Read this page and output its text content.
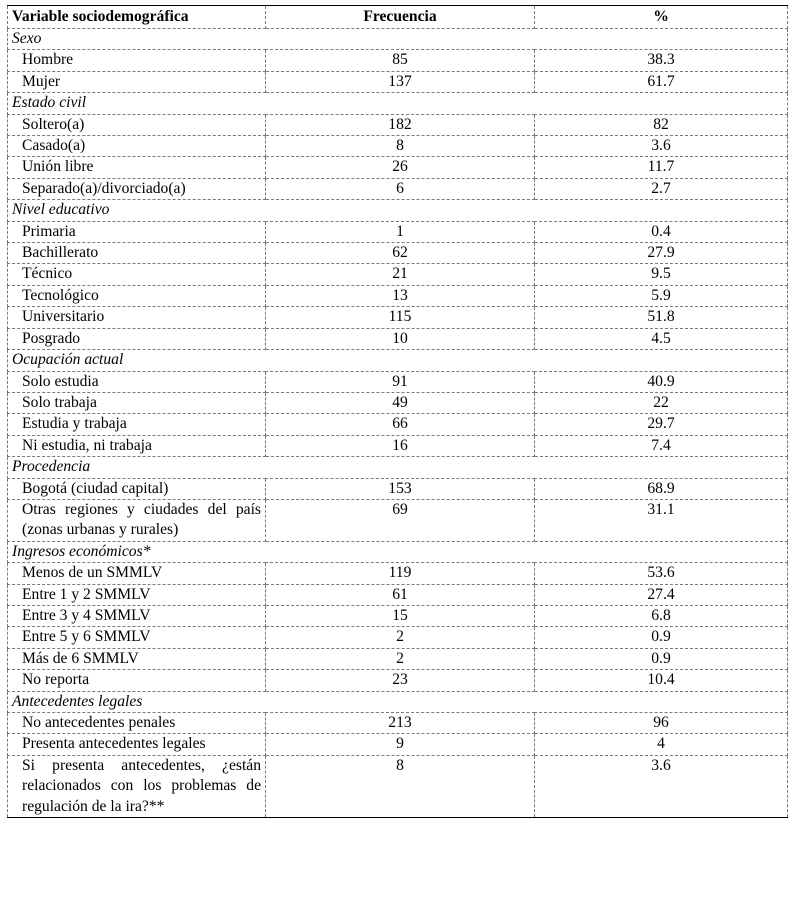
Variable sociodemográfica	Frecuencia	%
Sexo		
Hombre	85	38.3
Mujer	137	61.7
Estado civil		
Soltero(a)	182	82
Casado(a)	8	3.6
Unión libre	26	11.7
Separado(a)/divorciado(a)	6	2.7
Nivel educativo		
Primaria	1	0.4
Bachillerato	62	27.9
Técnico	21	9.5
Tecnológico	13	5.9
Universitario	115	51.8
Posgrado	10	4.5
Ocupación actual		
Solo estudia	91	40.9
Solo trabaja	49	22
Estudia y trabaja	66	29.7
Ni estudia, ni trabaja	16	7.4
Procedencia		
Bogotá (ciudad capital)	153	68.9
Otras regiones y ciudades del país (zonas urbanas y rurales)	69	31.1
Ingresos económicos*		
Menos de un SMMLV	119	53.6
Entre 1 y 2 SMMLV	61	27.4
Entre 3 y 4 SMMLV	15	6.8
Entre 5 y 6 SMMLV	2	0.9
Más de 6 SMMLV	2	0.9
No reporta	23	10.4
Antecedentes legales		
No antecedentes penales	213	96
Presenta antecedentes legales	9	4
Si presenta antecedentes, ¿están relacionados con los problemas de regulación de la ira?**	8	3.6
